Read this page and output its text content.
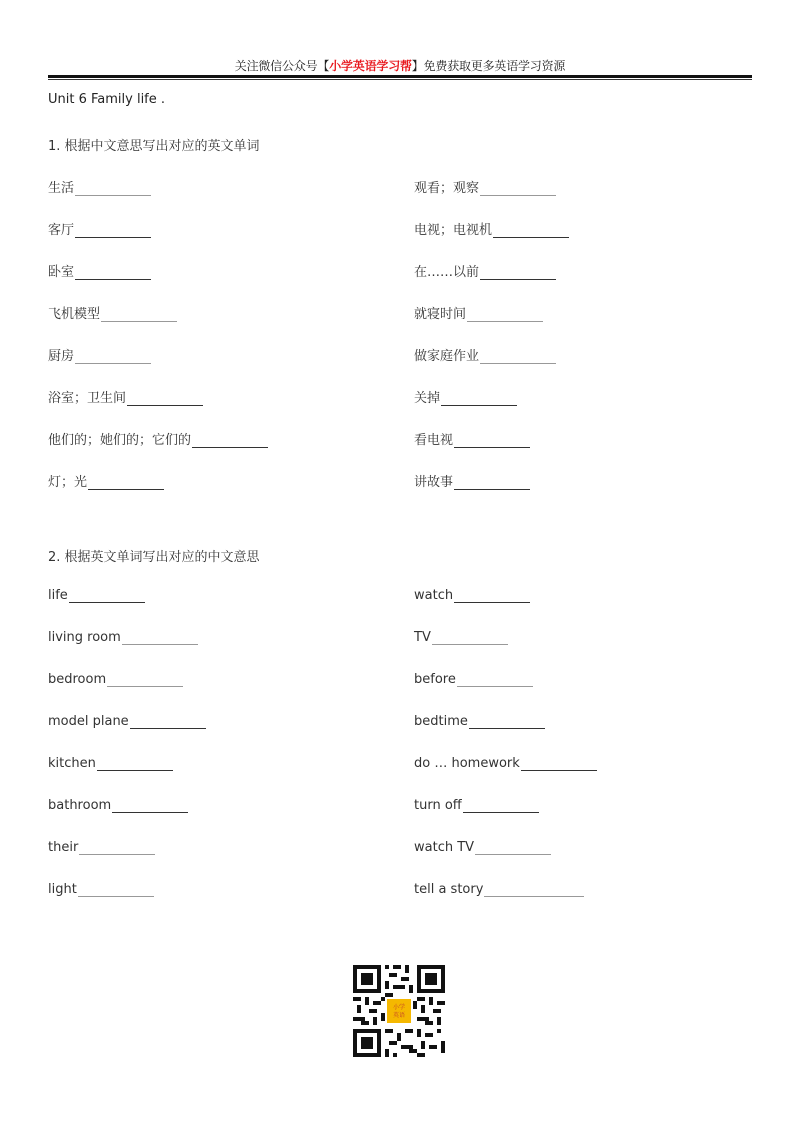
关注微信公众号【小学英语学习帮】免费获取更多英语学习资源
Unit 6 Family life .
1. 根据中文意思写出对应的英文单词
生活
客厅
卧室
飞机模型
厨房
浴室；卫生间
他们的；她们的；它们的
灯；光
观看；观察
电视；电视机
在……以前
就寝时间
做家庭作业
关掉
看电视
讲故事
2. 根据英文单词写出对应的中文意思
life
living room
bedroom
model plane
kitchen
bathroom
their
light
watch
TV
before
bedtime
do … homework
turn off
watch TV
tell a story
小学
英语
